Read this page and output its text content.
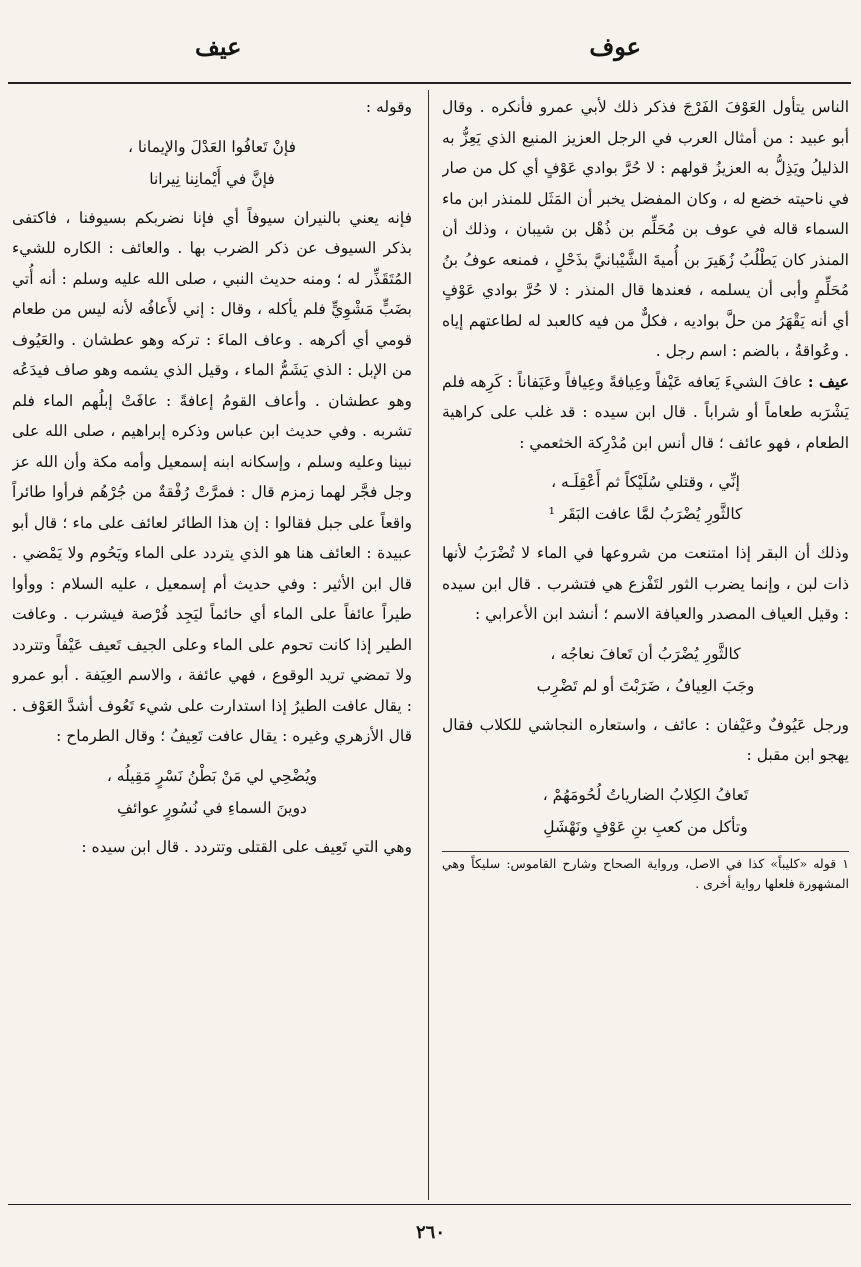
عوف
عيف

الناس يتأول العَوْفَ الفَرْجَ فذكر ذلك لأبي عمرو فأنكره . وقال أبو عبيد : من أمثال العرب في الرجل العزيز المنيع الذي يَعِزُّ به الذليلُ ويَذِلُّ به العزيزُ قولهم : لا حُرَّ بوادي عَوْفٍ أي كل من صار في ناحيته خضع له ، وكان المفضل يخبر أن المَثَل للمنذر ابن ماء السماء قاله في عوف بن مُحَلِّم بن ذُهْل بن شيبان ، وذلك أن المنذر كان يَطْلُبُ زُهَيرَ بن أُميةَ الشَّيْبانيَّ بذَحْلٍ ، فمنعه عوفُ بنُ مُحَلِّمٍ وأبى أن يسلمه ، فعندها قال المنذر : لا حُرَّ بوادي عَوْفٍ أي أنه يَقْهَرُ من حلَّ بواديه ، فكلٌّ من فيه كالعبد له لطاعتهم إياه . وعُواقةُ ، بالضم : اسم رجل .

عيف : عافَ الشيءَ يَعافه عَيْفاً وعِيافةً وعِيافاً وعَيَفاناً : كَرِهه فلم يَشْرَبه طعاماً أو شراباً . قال ابن سيده : قد غلب على كراهية الطعام ، فهو عائف ؛ قال أنس ابن مُدْرِكة الخثعمي :

إنِّي ، وقتلي سُلَيْكاً ثم أَعْقِلَـه ،
كالثَّورِ يُضْرَبُ لمَّا عافت البَقَر ¹

وذلك أن البقر إذا امتنعت من شروعها في الماء لا تُضْرَبُ لأنها ذات لبن ، وإنما يضرب الثور لتَفْزع هي فتشرب . قال ابن سيده : وقيل العياف المصدر والعيافة الاسم ؛ أنشد ابن الأعرابي :

كالثَّورِ يُضْرَبُ أن تَعافَ نعاجُه ،
وجَبَ العِيافُ ، ضَرَبْتَ أو لم تَضْرِب

ورجل عَيُوفٌ وعَيْفان : عائف ، واستعاره النجاشي للكلاب فقال يهجو ابن مقبل :

تَعافُ الكِلابُ الضارياتُ لُحُومَهُمْ ،
وتأكل من كعبِ بنِ عَوْفٍ ونَهْشَلِ
١ قوله «كليباً» كذا في الاصل، ورواية الصحاح وشارح القاموس: سليكاً وهي المشهورة فلعلها رواية أخرى .

وقوله :

فإنْ تَعافُوا العَدْلَ والإيمانا ،
فإنَّ في أَيْمانِنا نِيرانا

فإنه يعني بالنيران سيوفاً أي فإنا نضربكم بسيوفنا ، فاكتفى بذكر السيوف عن ذكر الضرب بها . والعائف : الكاره للشيء المُتَقَذِّر له ؛ ومنه حديث النبي ، صلى الله عليه وسلم : أنه أُتي بضَبٍّ مَشْوِيٍّ فلم يأكله ، وقال : إني لأَعافُه لأنه ليس من طعام قومي أي أكرهه . وعاف الماءَ : تركه وهو عطشان . والعَيُوف من الإبل : الذي يَشَمُّ الماء ، وقيل الذي يشمه وهو صاف فيدَعُه وهو عطشان . وأعاف القومُ إعافةً : عافَتْ إبلُهم الماء فلم تشربه . وفي حديث ابن عباس وذكره إبراهيم ، صلى الله على نبينا وعليه وسلم ، وإسكانه ابنه إسمعيل وأمه مكة وأن الله عز وجل فجَّر لهما زمزم قال : فمرَّتْ رُفْقةٌ من جُرْهُم فرأوا طائراً واقعاً على جبل فقالوا : إن هذا الطائر لعائف على ماء ؛ قال أبو عبيدة : العائف هنا هو الذي يتردد على الماء ويَحُوم ولا يَمْضي . قال ابن الأثير : وفي حديث أم إسمعيل ، عليه السلام : ووأوا طيراً عائفاً على الماء أي حائماً ليَجِد فُرْصة فيشرب . وعافت الطير إذا كانت تحوم على الماء وعلى الجيف تَعيف عَيْفاً وتتردد ولا تمضي تريد الوقوع ، فهي عائفة ، والاسم العِيَفة . أبو عمرو : يقال عافت الطيرُ إذا استدارت على شيء تَعُوف أشدَّ العَوْف . قال الأزهري وغيره : يقال عافت تَعِيفُ ؛ وقال الطرماح :

ويُضْحِي لي مَنْ بَطْنُ نَسْرٍ مَقِيلُه ،
دوينَ السماءِ في نُسُورٍ عوائفِ

وهي التي تَعِيف على القتلى وتتردد . قال ابن سيده :

٢٦٠
